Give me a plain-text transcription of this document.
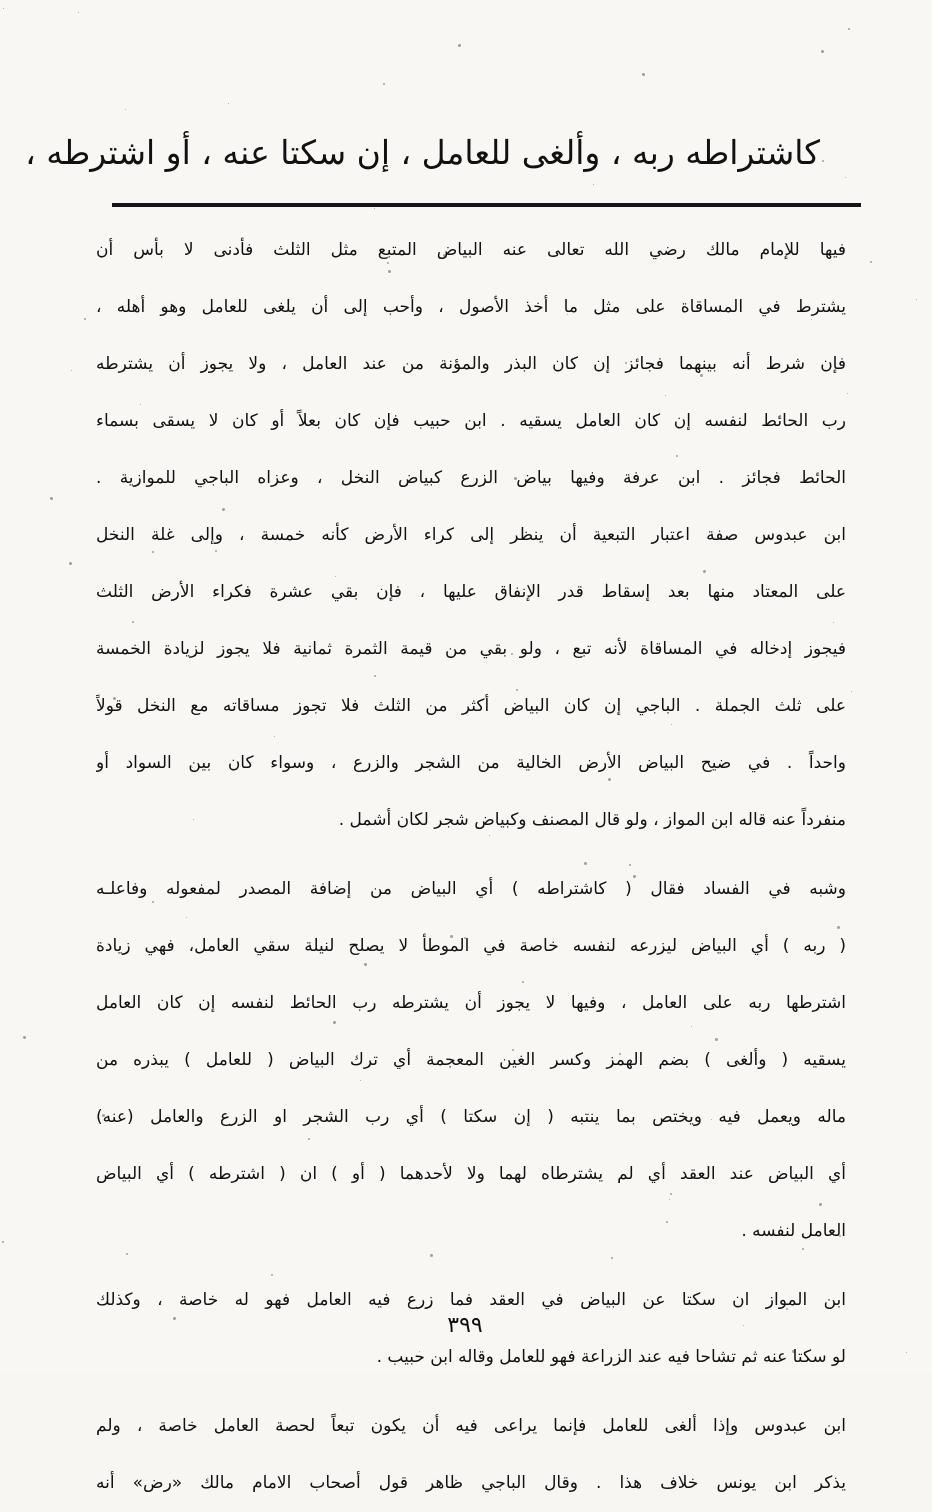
كاشتراطه ربه ، وألغى للعامل ، إن سكتا عنه ، أو اشترطه ،
فيها للإمام مالك رضي الله تعالى عنه البياض المتبع مثل الثلث فأدنى لا بأس أن
يشترط في المساقاة على مثل ما أخذ الأصول ، وأحب إلى أن يلغى للعامل وهو أهله ،
فإن شرط أنه بينهما فجائز إن كان البذر والمؤنة من عند العامل ، ولا يجوز أن يشترطه
رب الحائط لنفسه إن كان العامل يسقيه . ابن حبيب فإن كان بعلاً أو كان لا يسقى بسماء
الحائط فجائز . ابن عرفة وفيها بياض الزرع كبياض النخل ، وعزاه الباجي للموازية .
ابن عبدوس صفة اعتبار التبعية أن ينظر إلى كراء الأرض كأنه خمسة ، وإلى غلة النخل
على المعتاد منها بعد إسقاط قدر الإنفاق عليها ، فإن بقي عشرة فكراء الأرض الثلث
فيجوز إدخاله في المساقاة لأنه تبع ، ولو بقي من قيمة الثمرة ثمانية فلا يجوز لزيادة الخمسة
على ثلث الجملة . الباجي إن كان البياض أكثر من الثلث فلا تجوز مساقاته مع النخل قولاً
واحداً . في ضيح البياض الأرض الخالية من الشجر والزرع ، وسواء كان بين السواد أو
منفرداً عنه قاله ابن المواز ، ولو قال المصنف وكبياض شجر لكان أشمل .
وشبه في الفساد فقال ( كاشتراطه ) أي البياض من إضافة المصدر لمفعوله وفاعلـه
( ربه ) أي البياض ليزرعه لنفسه خاصة في الموطأ لا يصلح لنيلة سقي العامل، فهي زيادة
اشترطها ربه على العامل ، وفيها لا يجوز أن يشترطه رب الحائط لنفسه إن كان العامل
يسقيه ( وألغى ) بضم الهمز وكسر الغين المعجمة أي ترك البياض ( للعامل ) يبذره من
ماله ويعمل فيه ويختص بما ينتبه ( إن سكتا ) أي رب الشجر او الزرع والعامل (عنه)
أي البياض عند العقد أي لم يشترطاه لهما ولا لأحدهما ( أو ) ان ( اشترطه ) أي البياض
العامل لنفسه .
ابن المواز ان سكتا عن البياض في العقد فما زرع فيه العامل فهو له خاصة ، وكذلك
لو سكتا عنه ثم تشاحا فيه عند الزراعة فهو للعامل وقاله ابن حبيب .
ابن عبدوس وإذا ألغى للعامل فإنما يراعى فيه أن يكون تبعاً لحصة العامل خاصة ، ولم
يذكر ابن يونس خلاف هذا . وقال الباجي ظاهر قول أصحاب الامام مالك «رض» أنه
٣٩٩
